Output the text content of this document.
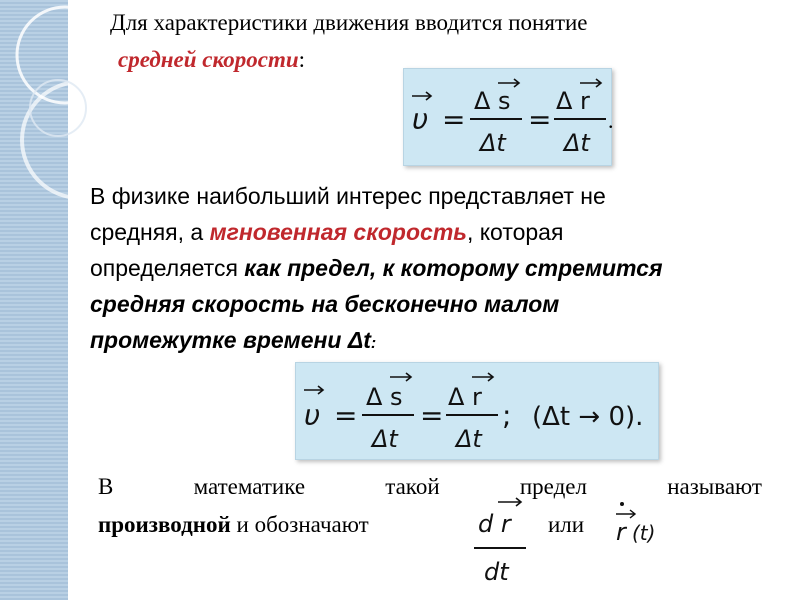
Для характеристики движения вводится понятие
средней скорости:
υ =
Δ s
Δt
=
Δ r
Δt
.
В физике наибольший интерес представляет не
средняя, а мгновенная скорость, которая
определяется как предел, к которому стремится
средняя скорость на бесконечно малом
промежутке времени Δt:
υ =
Δ s
Δt
=
Δ r
Δt
; (Δt → 0).
В	математике	такой	предел	называют
производной и обозначают	d r
dt
или r (t)
